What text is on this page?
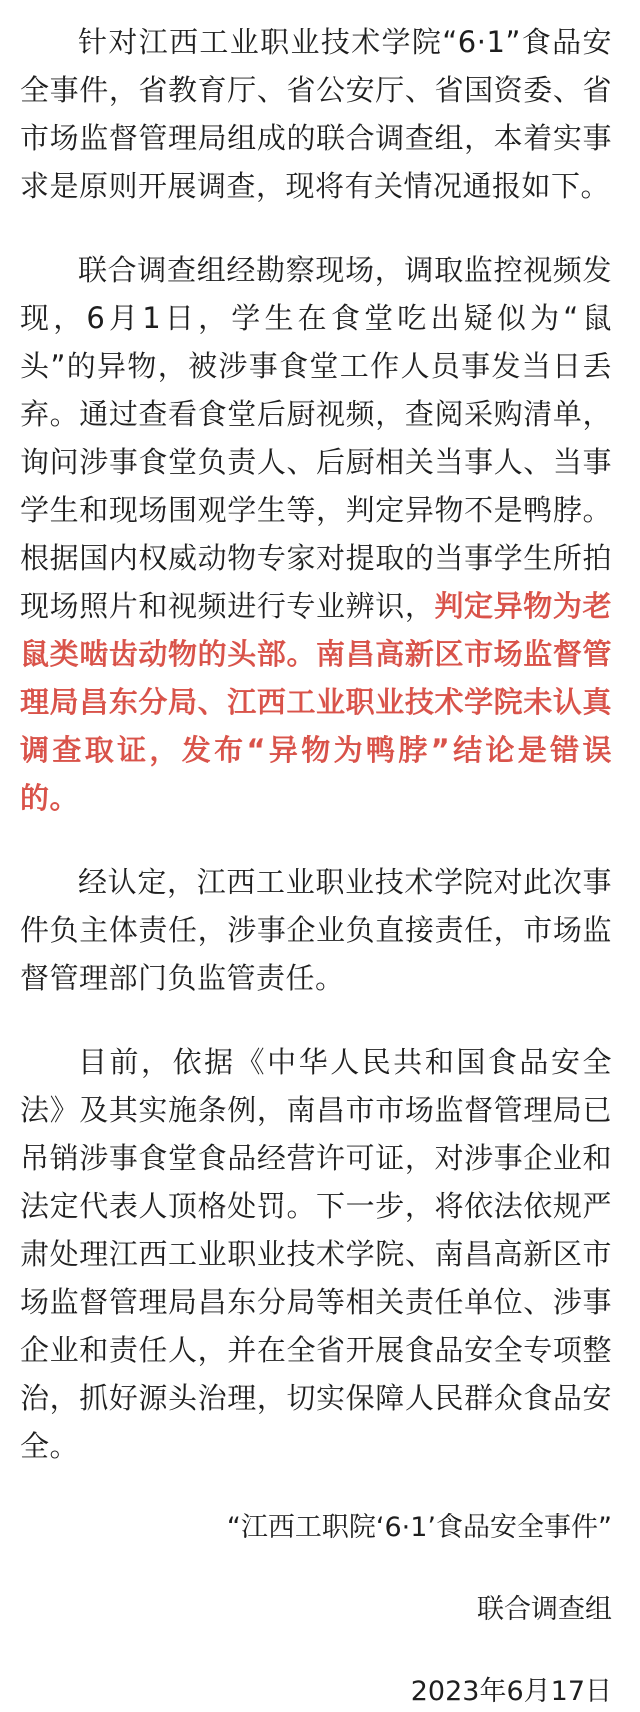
针对江西工业职业技术学院“6·1”食品安全事件，省教育厅、省公安厅、省国资委、省市场监督管理局组成的联合调查组，本着实事求是原则开展调查，现将有关情况通报如下。

联合调查组经勘察现场，调取监控视频发现，6月1日，学生在食堂吃出疑似为“鼠头”的异物，被涉事食堂工作人员事发当日丢弃。通过查看食堂后厨视频，查阅采购清单，询问涉事食堂负责人、后厨相关当事人、当事学生和现场围观学生等，判定异物不是鸭脖。根据国内权威动物专家对提取的当事学生所拍现场照片和视频进行专业辨识，判定异物为老鼠类啮齿动物的头部。南昌高新区市场监督管理局昌东分局、江西工业职业技术学院未认真调查取证，发布“异物为鸭脖”结论是错误的。

经认定，江西工业职业技术学院对此次事件负主体责任，涉事企业负直接责任，市场监督管理部门负监管责任。

目前，依据《中华人民共和国食品安全法》及其实施条例，南昌市市场监督管理局已吊销涉事食堂食品经营许可证，对涉事企业和法定代表人顶格处罚。下一步，将依法依规严肃处理江西工业职业技术学院、南昌高新区市场监督管理局昌东分局等相关责任单位、涉事企业和责任人，并在全省开展食品安全专项整治，抓好源头治理，切实保障人民群众食品安全。

“江西工职院‘6·1’食品安全事件”

联合调查组

2023年6月17日
